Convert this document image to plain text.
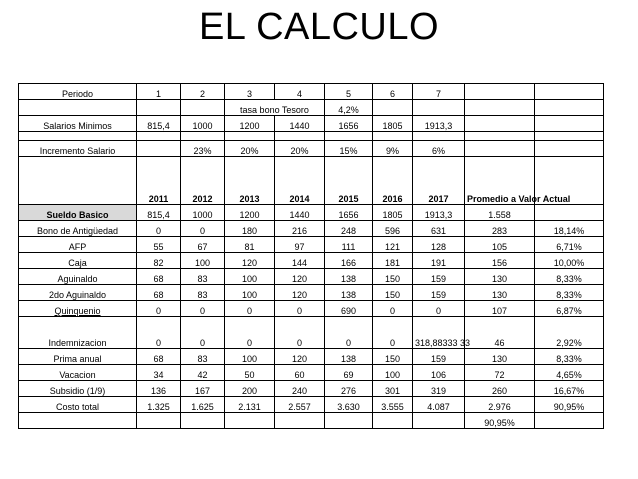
EL CALCULO
Periodo	1	2	3	4	5	6	7		
			tasa bono Tesoro		4,2%				
Salarios Minimos	815,4	1000	1200	1440	1656	1805	1913,3		

Incremento Salario		23%	20%	20%	15%	9%	6%		
	2011	2012	2013	2014	2015	2016	2017	Promedio a Valor Actual	
Sueldo Basico	815,4	1000	1200	1440	1656	1805	1913,3	1.558	
Bono de Antigüedad	0	0	180	216	248	596	631	283	18,14%
AFP	55	67	81	97	111	121	128	105	6,71%
Caja	82	100	120	144	166	181	191	156	10,00%
Aguinaldo	68	83	100	120	138	150	159	130	8,33%
2do Aguinaldo	68	83	100	120	138	150	159	130	8,33%
Quinquenio	0	0	0	0	690	0	0	107	6,87%
Indemnizacion	0	0	0	0	0	0	318,88333 33	46	2,92%
Prima anual	68	83	100	120	138	150	159	130	8,33%
Vacacion	34	42	50	60	69	100	106	72	4,65%
Subsidio (1/9)	136	167	200	240	276	301	319	260	16,67%
Costo total	1.325	1.625	2.131	2.557	3.630	3.555	4.087	2.976	90,95%
								90,95%	
